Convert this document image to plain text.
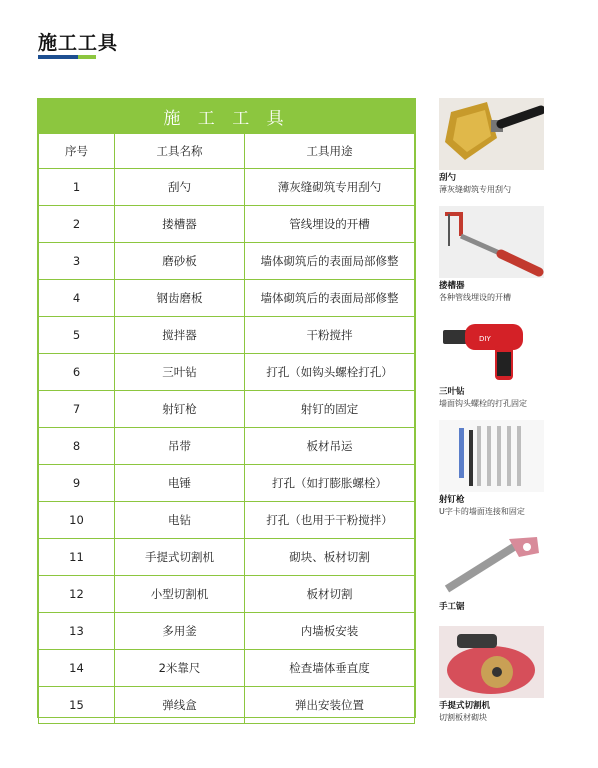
施工工具
施 工 工 具
序号	工具名称	工具用途
1	刮勺	薄灰缝砌筑专用刮勺
2	搂槽器	管线埋设的开槽
3	磨砂板	墙体砌筑后的表面局部修整
4	钢齿磨板	墙体砌筑后的表面局部修整
5	搅拌器	干粉搅拌
6	三叶钻	打孔（如钩头螺栓打孔）
7	射钉枪	射钉的固定
8	吊带	板材吊运
9	电锤	打孔（如打膨胀螺栓）
10	电钻	打孔（也用于干粉搅拌）
11	手提式切割机	砌块、板材切割
12	小型切割机	板材切割
13	多用釜	内墙板安装
14	2米靠尺	检查墙体垂直度
15	弹线盒	弹出安装位置
刮勺
薄灰缝砌筑专用刮勺
搂槽器
各种管线埋设的开槽
DIY
三叶钻
墙面钩头螺栓的打孔固定
射钉枪
U字卡的墙面连接和固定
手工锯
手提式切割机
切割板材砌块
